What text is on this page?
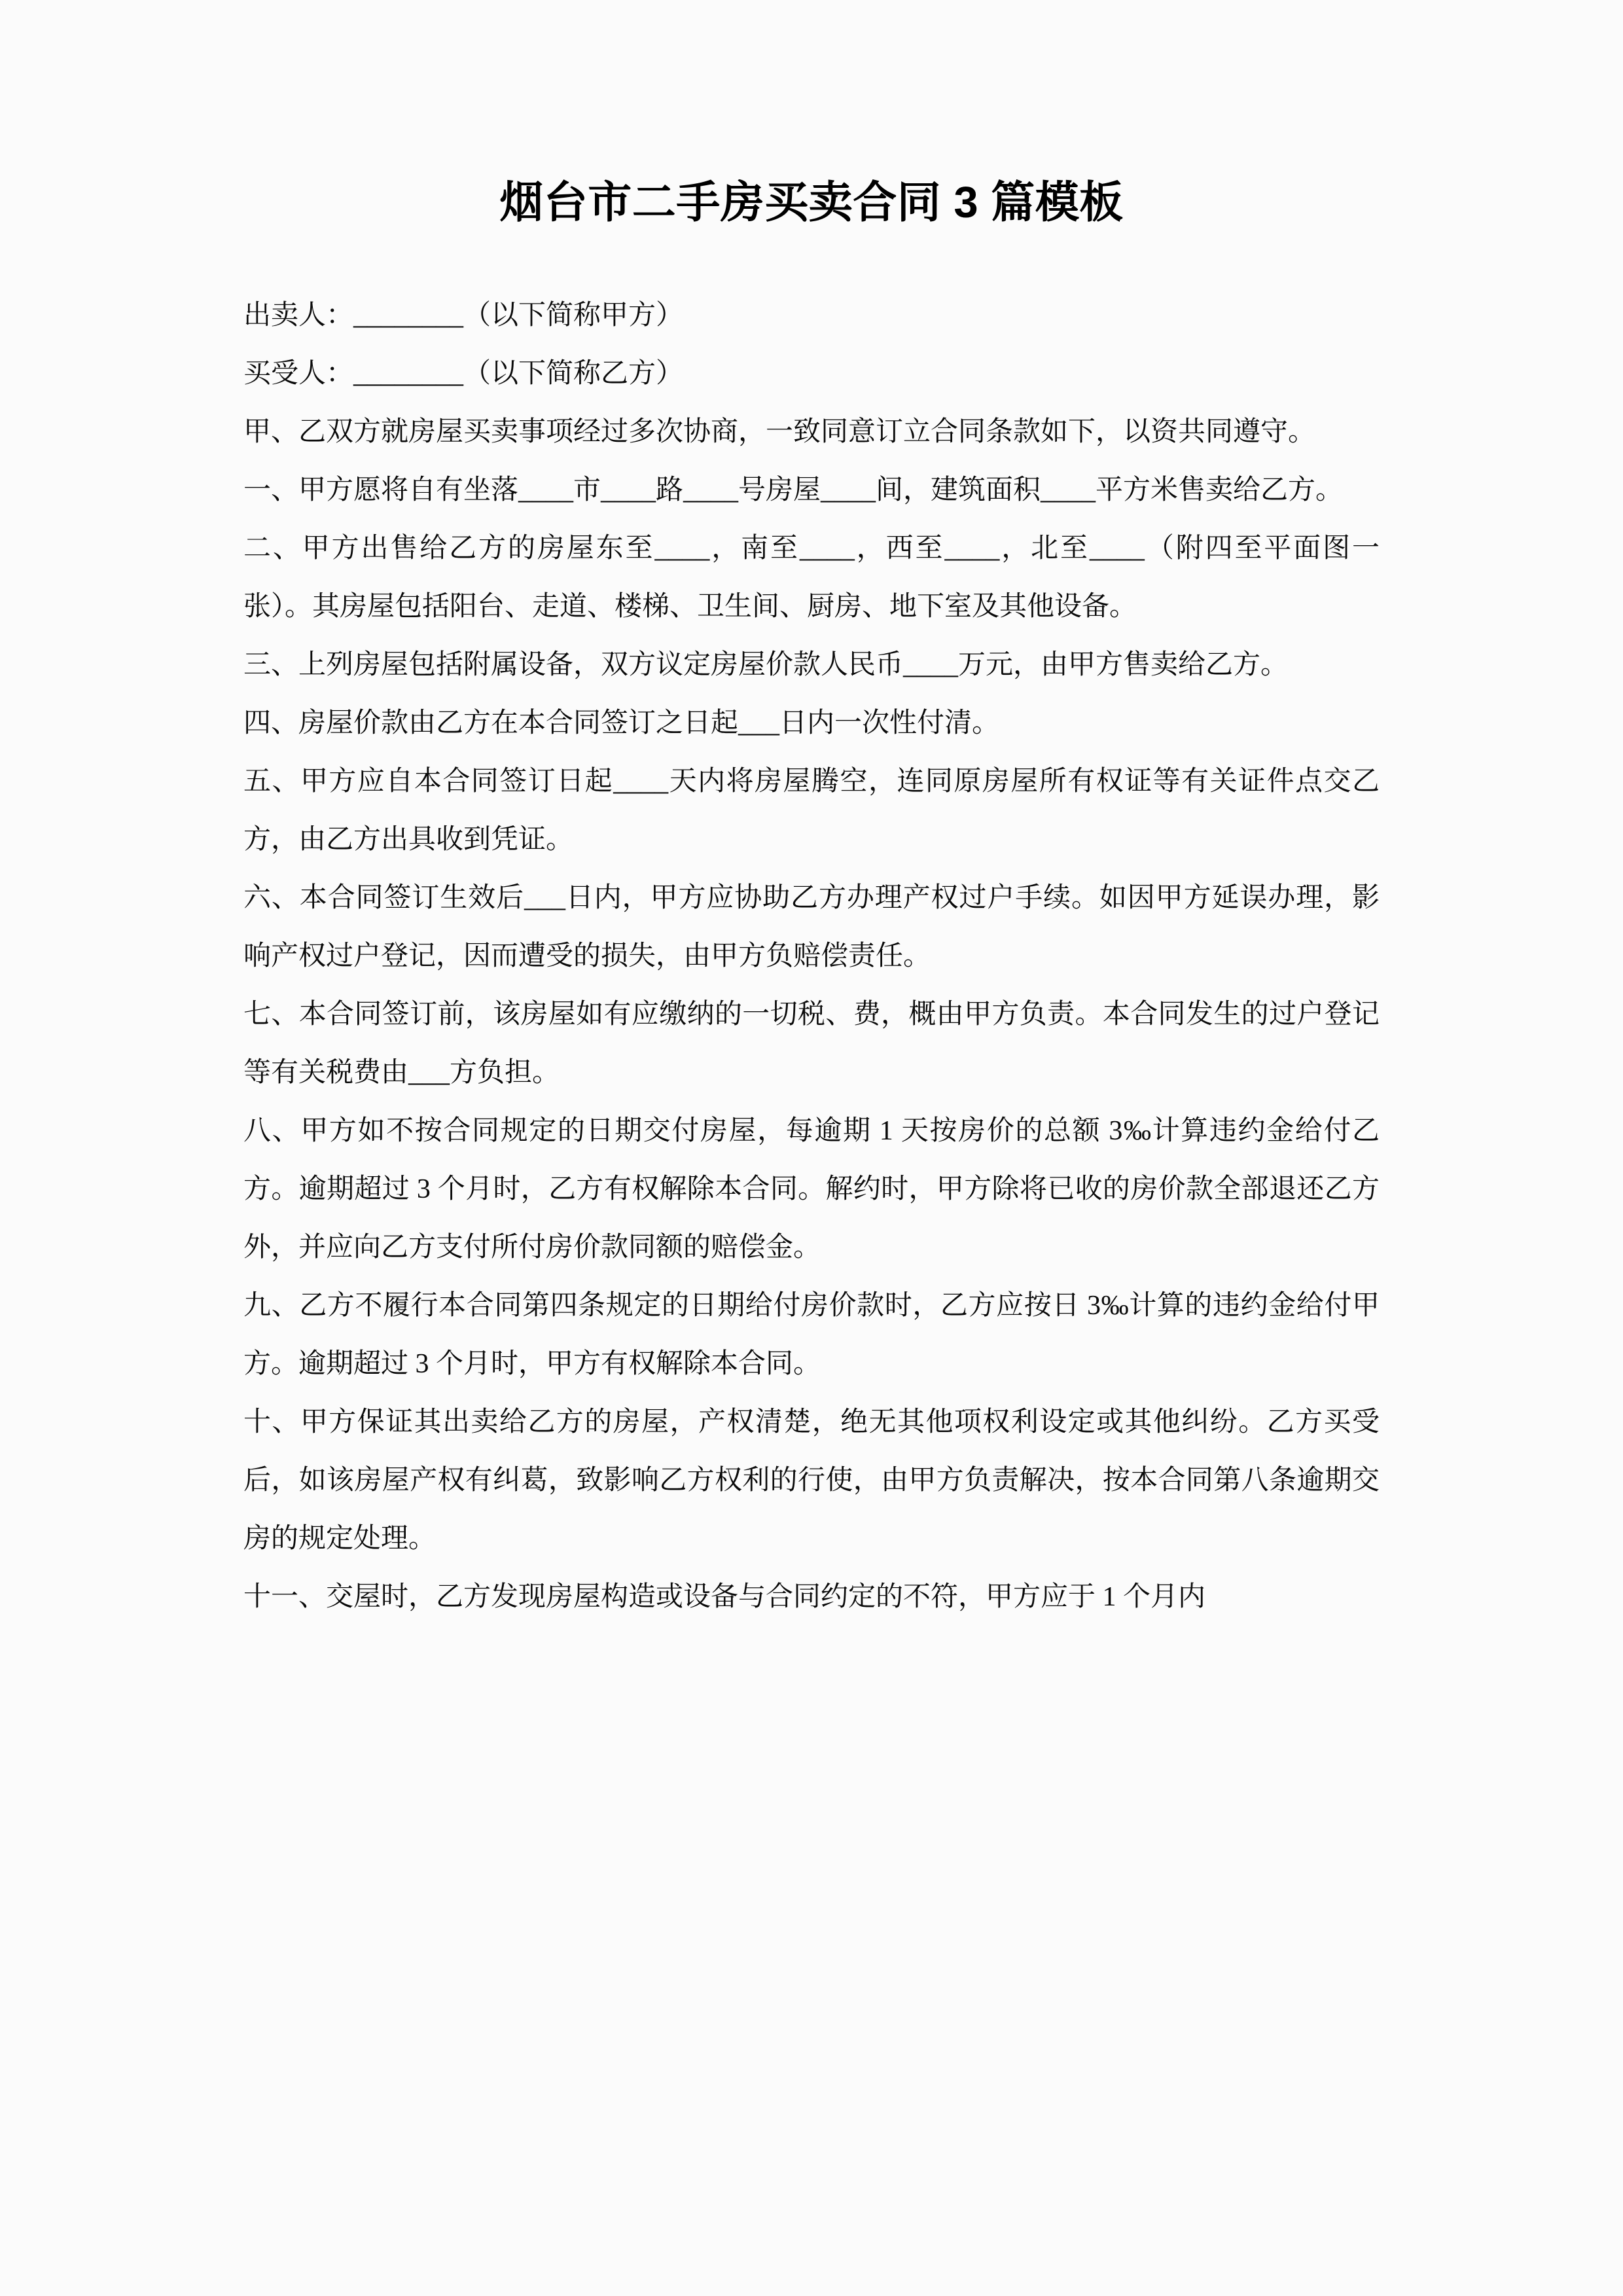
烟台市二手房买卖合同 3 篇模板

出卖人：________（以下简称甲方）

买受人：________（以下简称乙方）

甲、乙双方就房屋买卖事项经过多次协商，一致同意订立合同条款如下，以资共同遵守。

一、甲方愿将自有坐落____市____路____号房屋____间，建筑面积____平方米售卖给乙方。

二、甲方出售给乙方的房屋东至____，南至____，西至____，北至____（附四至平面图一张）。其房屋包括阳台、走道、楼梯、卫生间、厨房、地下室及其他设备。

三、上列房屋包括附属设备，双方议定房屋价款人民币____万元，由甲方售卖给乙方。

四、房屋价款由乙方在本合同签订之日起___日内一次性付清。

五、甲方应自本合同签订日起____天内将房屋腾空，连同原房屋所有权证等有关证件点交乙方，由乙方出具收到凭证。

六、本合同签订生效后___日内，甲方应协助乙方办理产权过户手续。如因甲方延误办理，影响产权过户登记，因而遭受的损失，由甲方负赔偿责任。

七、本合同签订前，该房屋如有应缴纳的一切税、费，概由甲方负责。本合同发生的过户登记等有关税费由___方负担。

八、甲方如不按合同规定的日期交付房屋，每逾期 1 天按房价的总额 3‰计算违约金给付乙方。逾期超过 3 个月时，乙方有权解除本合同。解约时，甲方除将已收的房价款全部退还乙方外，并应向乙方支付所付房价款同额的赔偿金。

九、乙方不履行本合同第四条规定的日期给付房价款时，乙方应按日 3‰计算的违约金给付甲方。逾期超过 3 个月时，甲方有权解除本合同。

十、甲方保证其出卖给乙方的房屋，产权清楚，绝无其他项权利设定或其他纠纷。乙方买受后，如该房屋产权有纠葛，致影响乙方权利的行使，由甲方负责解决，按本合同第八条逾期交房的规定处理。

十一、交屋时，乙方发现房屋构造或设备与合同约定的不符，甲方应于 1 个月内
